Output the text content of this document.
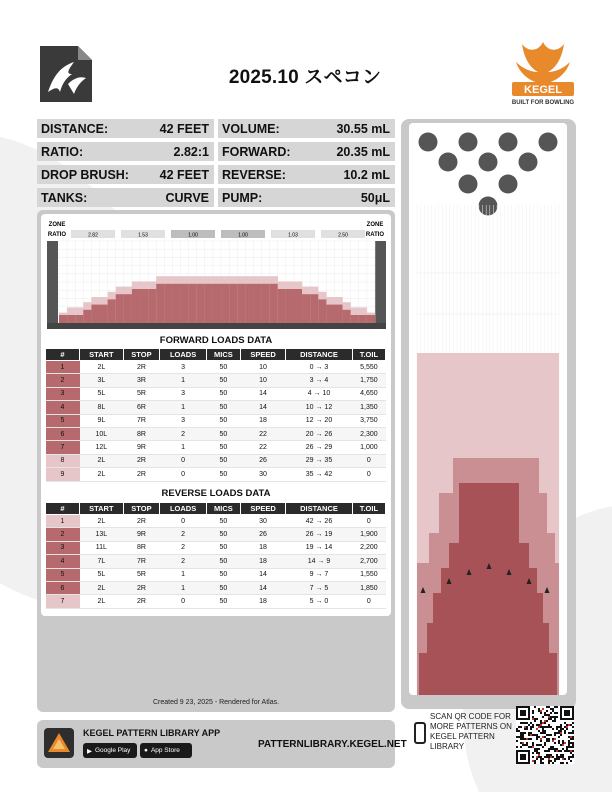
2025.10 スペコン
KEGEL
BUILT FOR BOWLING
DISTANCE:	42 FEET VOLUME:	30.55 mL
RATIO:	2.82:1 FORWARD:	20.35 mL
DROP BRUSH: 42 FEET REVERSE:	10.2 mL
TANKS:	CURVE PUMP:	50μL
ZONE
RATIO
ZONE
RATIO
2.82	1.53	1.00	1.00	1.03	2.50
FORWARD LOADS DATA
#	START	STOP	LOADS	MICS	SPEED	DISTANCE	T.OIL
1	2L	2R	3	50	10	0 → 3	5,550
2	3L	3R	1	50	10	3 → 4	1,750
3	5L	5R	3	50	14	4 → 10	4,650
4	8L	6R	1	50	14	10 → 12	1,350
5	9L	7R	3	50	18	12 → 20	3,750
6	10L	8R	2	50	22	20 → 26	2,300
7	12L	9R	1	50	22	26 → 29	1,000
8	2L	2R	0	50	26	29 → 35	0
9	2L	2R	0	50	30	35 → 42	0
REVERSE LOADS DATA
#	START	STOP	LOADS	MICS	SPEED	DISTANCE	T.OIL
1	2L	2R	0	50	30	42 → 26	0
2	13L	9R	2	50	26	26 → 19	1,900
3	11L	8R	2	50	18	19 → 14	2,200
4	7L	7R	2	50	18	14 → 9	2,700
5	5L	5R	1	50	14	9 → 7	1,550
6	2L	2R	1	50	14	7 → 5	1,850
7	2L	2R	0	50	18	5 → 0	0
Created 9 23, 2025 - Rendered for Atlas.
KEGEL PATTERN LIBRARY APP
▶ Google Play ● App Store
PATTERNLIBRARY.KEGEL.NET
SCAN QR CODE FOR MORE PATTERNS ON KEGEL PATTERN LIBRARY
